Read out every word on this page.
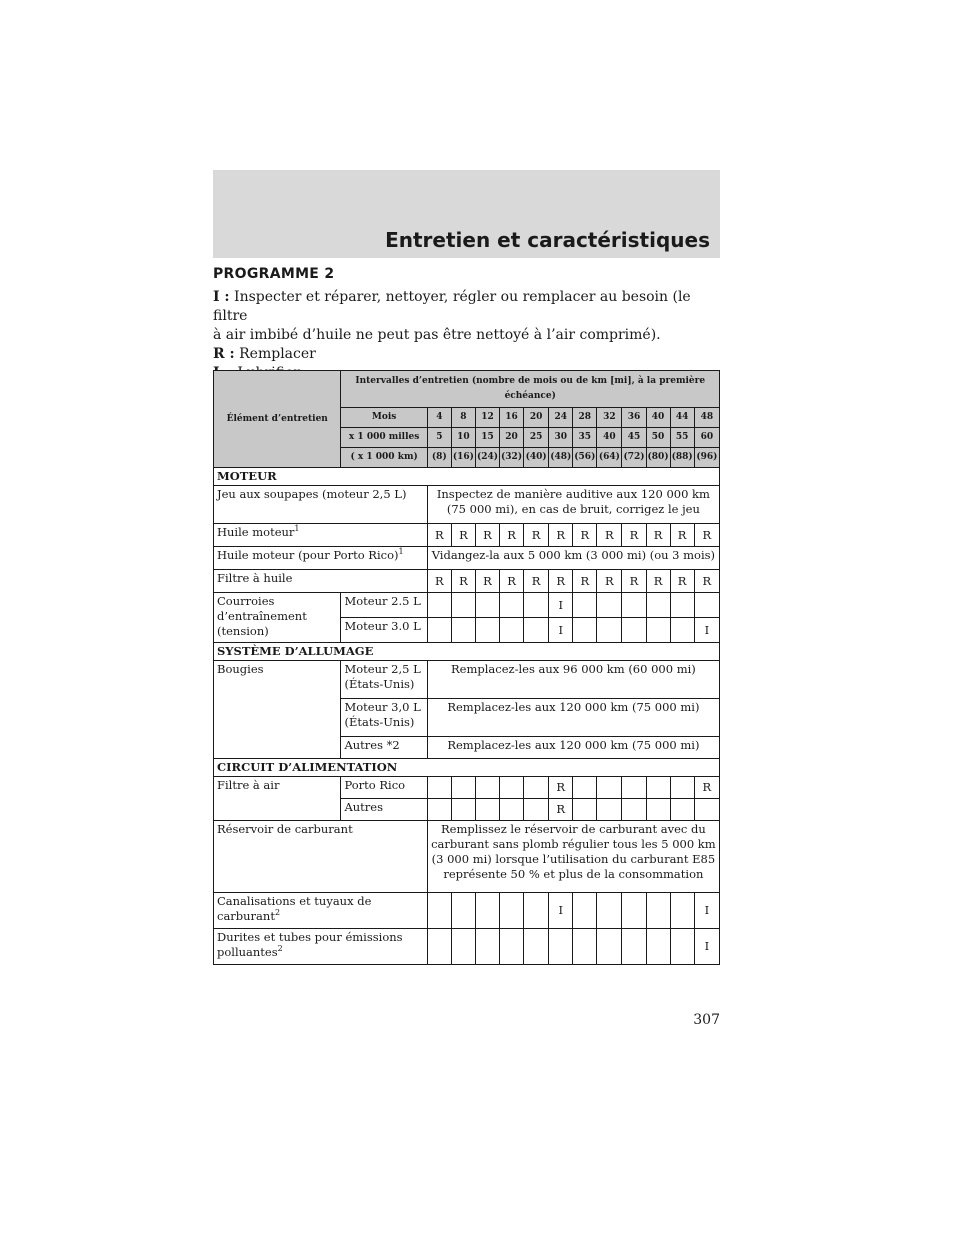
Entretien et caractéristiques

PROGRAMME 2

I : Inspecter et réparer, nettoyer, régler ou remplacer au besoin (le filtre

à air imbibé d’huile ne peut pas être nettoyé à l’air comprimé).

R : Remplacer

Élément d’entretien	Intervalles d’entretien (nombre de mois ou de km [mi], à la première échéance)												
	Mois	4	8	12	16	20	24	28	32	36	40	44	48
	x 1 000 milles	5	10	15	20	25	30	35	40	45	50	55	60
	( x 1 000 km)	(8)	(16)	(24)	(32)	(40)	(48)	(56)	(64)	(72)	(80)	(88)	(96)
MOTEUR													
Jeu aux soupapes (moteur 2,5 L)		Inspectez de manière auditive aux 120 000 km (75 000 mi), en cas de bruit, corrigez le jeu											
Huile moteur$^1$		R	R	R	R	R	R	R	R	R	R	R	R
Huile moteur (pour Porto Rico)$^1$		Vidangez-la aux 5 000 km (3 000 mi) (ou 3 mois)											
Filtre à huile		R	R	R	R	R	R	R	R	R	R	R	R
Courroies d’entraînement (tension)	Moteur 2.5 L						I						
	Moteur 3.0 L						I						I
SYSTÈME D’ALLUMAGE													
Bougies	Moteur 2,5 L (États-Unis)	Remplacez-les aux 96 000 km (60 000 mi)											
	Moteur 3,0 L (États-Unis)	Remplacez-les aux 120 000 km (75 000 mi)											
	Autres *2	Remplacez-les aux 120 000 km (75 000 mi)											
CIRCUIT D’ALIMENTATION													
Filtre à air	Porto Rico						R						R
	Autres						R						
Réservoir de carburant		Remplissez le réservoir de carburant avec du carburant sans plomb régulier tous les 5 000 km (3 000 mi) lorsque l’utilisation du carburant E85 représente 50 % et plus de la consommation											
Canalisations et tuyaux de carburant$^2$							I						I
Durites et tubes pour émissions polluantes$^2$													I

307
